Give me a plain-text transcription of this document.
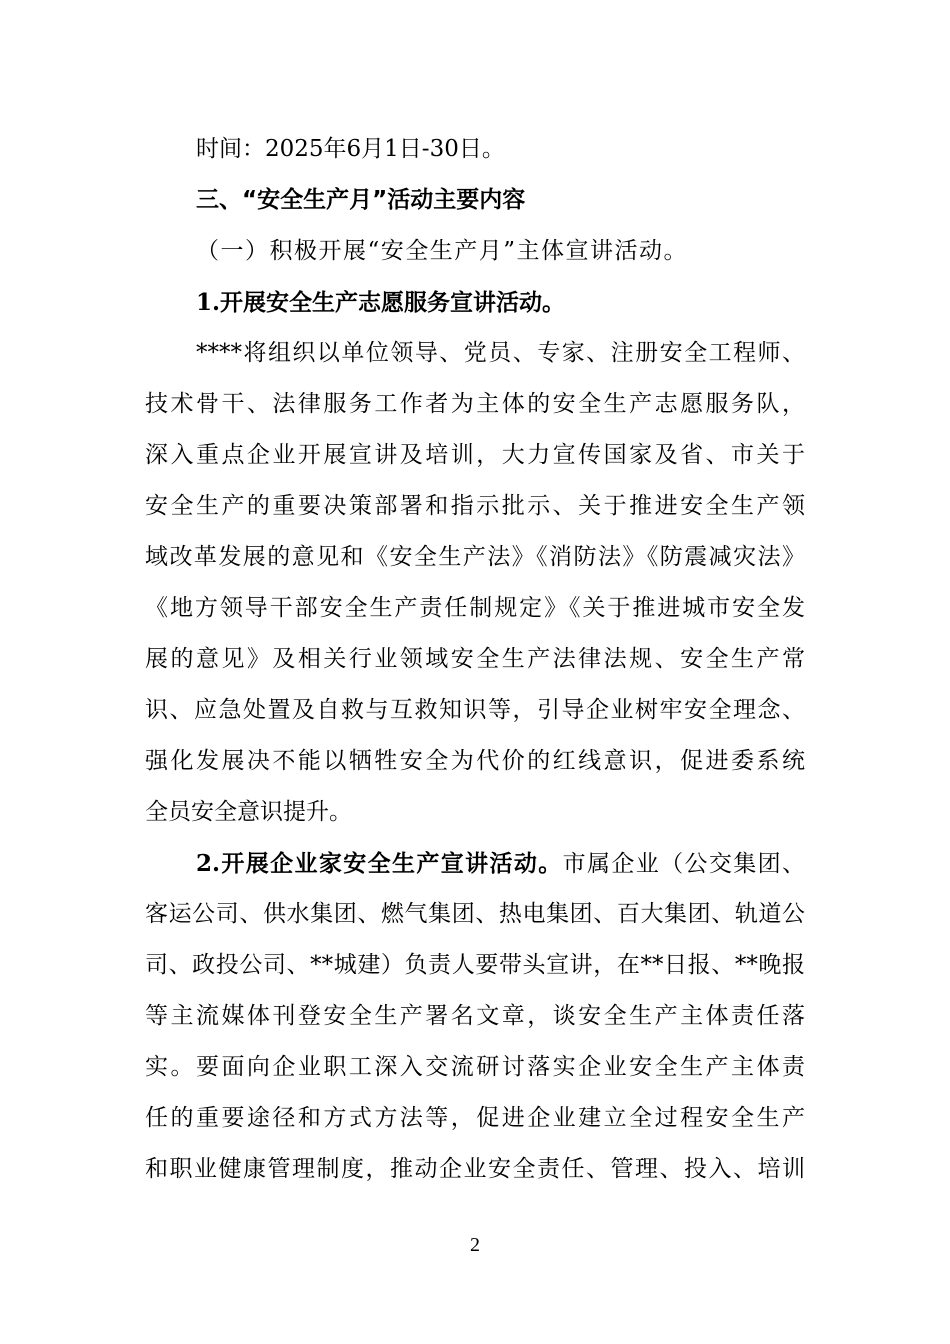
时间：2025年6月1日-30日。
三、“安全生产月”活动主要内容
（一）积极开展“安全生产月”主体宣讲活动。
1.开展安全生产志愿服务宣讲活动。
****将组织以单位领导、党员、专家、注册安全工程师、
技术骨干、法律服务工作者为主体的安全生产志愿服务队，
深入重点企业开展宣讲及培训，大力宣传国家及省、市关于
安全生产的重要决策部署和指示批示、关于推进安全生产领
域改革发展的意见和《安全生产法》《消防法》《防震减灾法》
《地方领导干部安全生产责任制规定》《关于推进城市安全发
展的意见》及相关行业领域安全生产法律法规、安全生产常
识、应急处置及自救与互救知识等，引导企业树牢安全理念、
强化发展决不能以牺牲安全为代价的红线意识，促进委系统
全员安全意识提升。
2.开展企业家安全生产宣讲活动。市属企业（公交集团、
客运公司、供水集团、燃气集团、热电集团、百大集团、轨道公
司、政投公司、**城建）负责人要带头宣讲，在**日报、**晚报
等主流媒体刊登安全生产署名文章，谈安全生产主体责任落
实。要面向企业职工深入交流研讨落实企业安全生产主体责
任的重要途径和方式方法等，促进企业建立全过程安全生产
和职业健康管理制度，推动企业安全责任、管理、投入、培训
2
